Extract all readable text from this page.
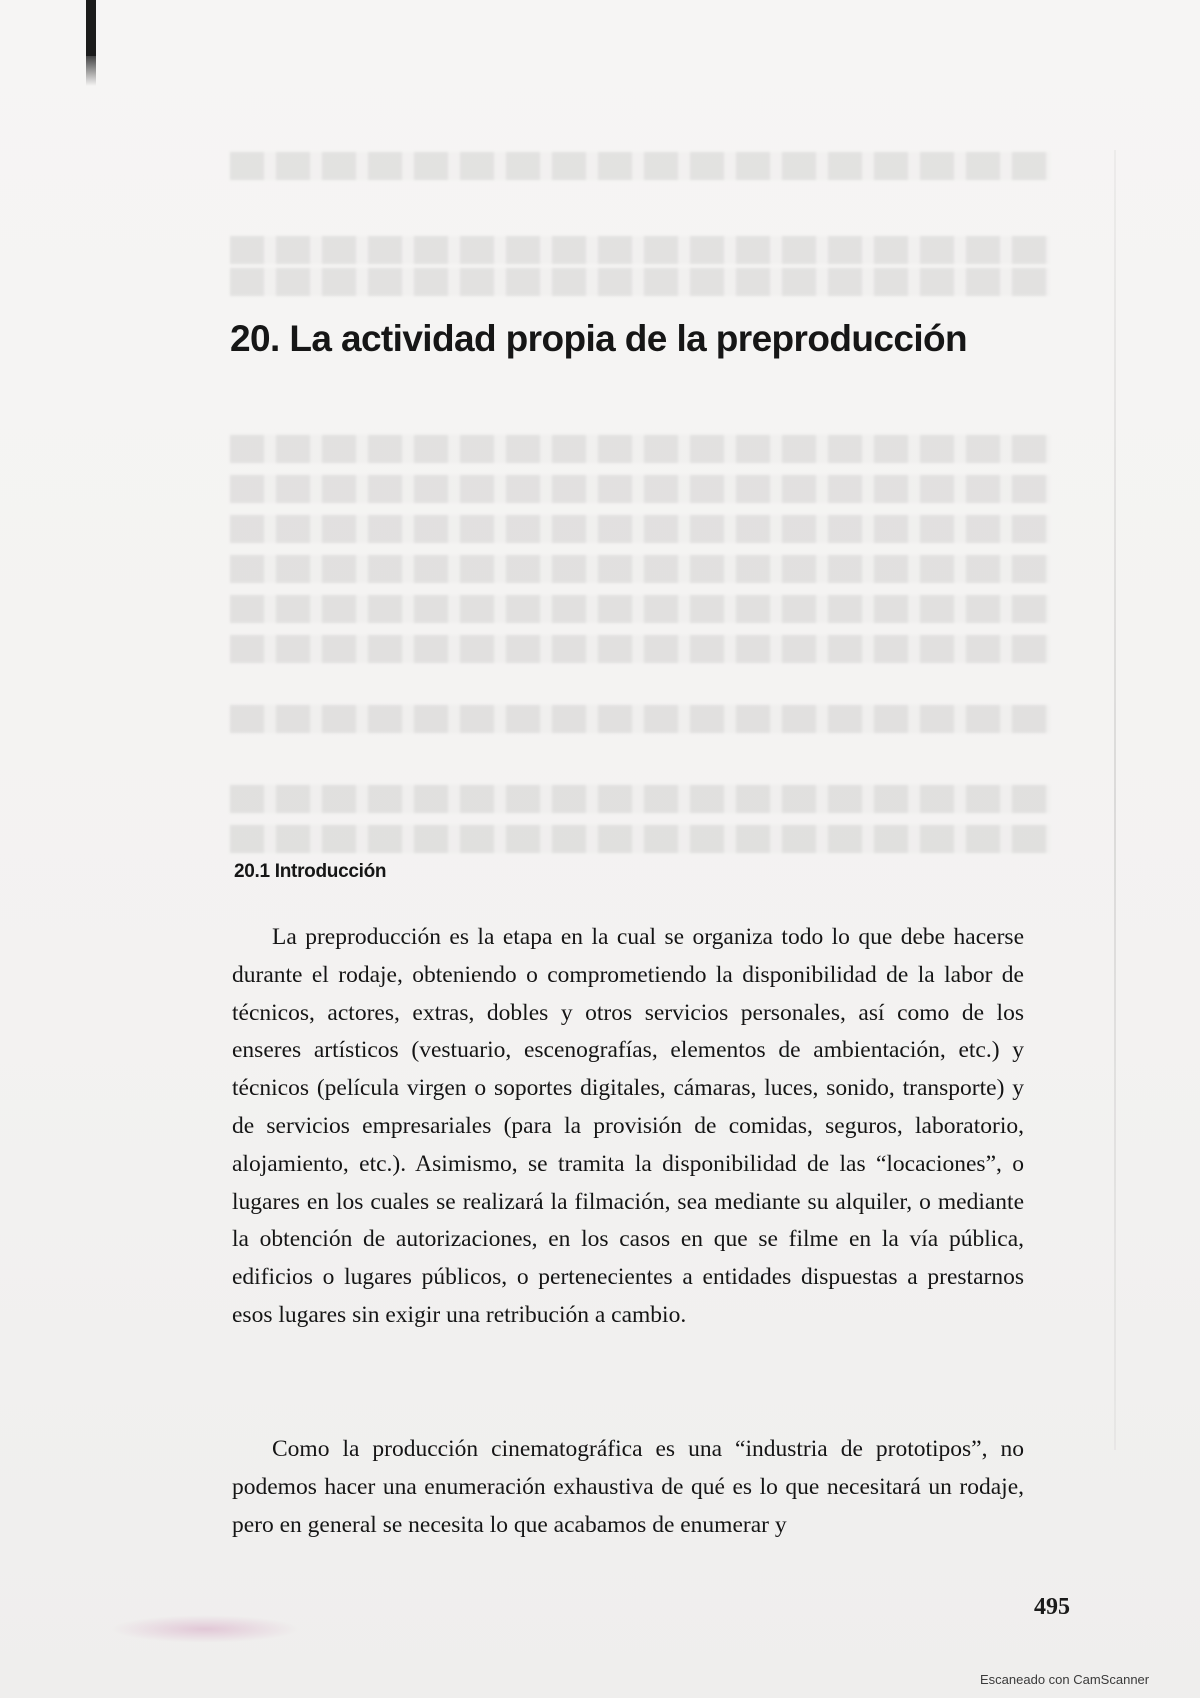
20. La actividad propia de la preproducción
20.1 Introducción

La preproducción es la etapa en la cual se organiza todo lo que debe hacerse durante el rodaje, obteniendo o comprometiendo la disponibilidad de la labor de técnicos, actores, extras, dobles y otros servicios personales, así como de los enseres artísticos (vestuario, escenografías, elementos de ambientación, etc.) y técnicos (película virgen o soportes digitales, cámaras, luces, sonido, transporte) y de servicios empresariales (para la provisión de comidas, seguros, laboratorio, alojamiento, etc.). Asimismo, se tramita la disponibilidad de las “locaciones”, o lugares en los cuales se realizará la filmación, sea mediante su alquiler, o mediante la obtención de autorizaciones, en los casos en que se filme en la vía pública, edificios o lugares públicos, o pertenecientes a entidades dispuestas a prestarnos esos lugares sin exigir una retribución a cambio.

Como la producción cinematográfica es una “industria de prototipos”, no podemos hacer una enumeración exhaustiva de qué es lo que necesitará un rodaje, pero en general se necesita lo que acabamos de enumerar y

495
Escaneado con CamScanner
